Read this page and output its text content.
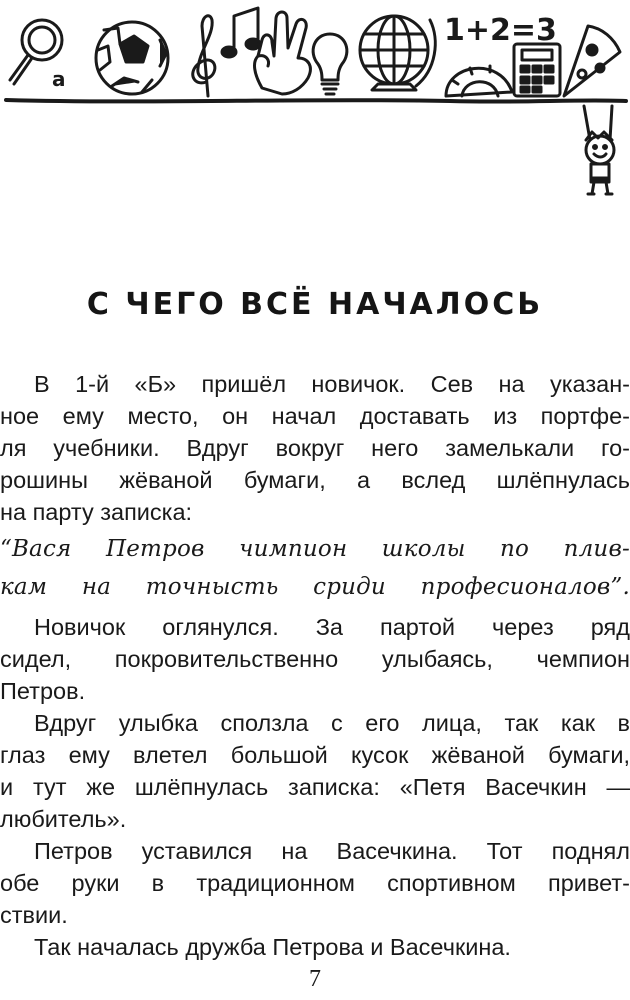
a
1+2=3
С ЧЕГО ВСЁ НАЧАЛОСЬ
В 1-й «Б» пришёл новичок. Сев на указан-
ное ему место, он начал доставать из портфе-
ля учебники. Вдруг вокруг него замелькали го-
рошины жёваной бумаги, а вслед шлёпнулась
на парту записка:
“Вася Петров чимпион школы по плив-
кам на точнысть сриди професионалов”.
Новичок оглянулся. За партой через ряд
сидел, покровительственно улыбаясь, чемпион
Петров.
Вдруг улыбка сползла с его лица, так как в
глаз ему влетел большой кусок жёваной бумаги,
и тут же шлёпнулась записка: «Петя Васечкин —
любитель».
Петров уставился на Васечкина. Тот поднял
обе руки в традиционном спортивном привет-
ствии.
Так началась дружба Петрова и Васечкина.
7
